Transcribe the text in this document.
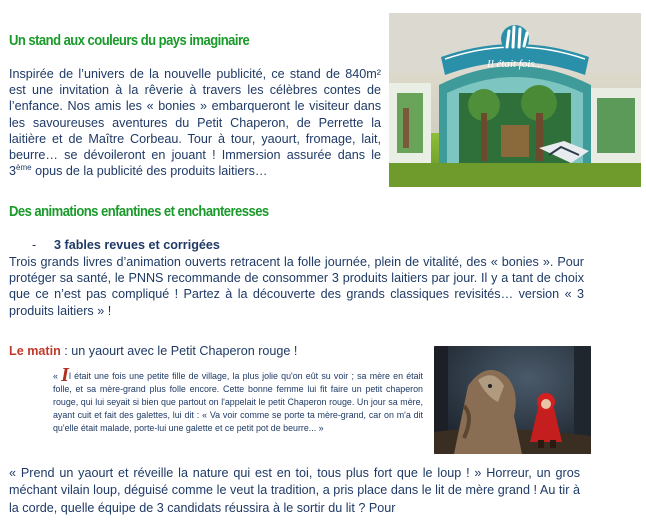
Un stand aux couleurs du pays imaginaire
Inspirée de l’univers de la nouvelle publicité, ce stand de 840m² est une invitation à la rêverie à travers les célèbres contes de l’enfance. Nos amis les « bonies » embarqueront le visiteur dans les savoureuses aventures du Petit Chaperon, de Perrette la laitière et de Maître Corbeau. Tour à tour, yaourt, fromage, lait, beurre… se dévoileront en jouant ! Immersion assurée dans le 3ème opus de la publicité des produits laitiers…
Il était fois...
Des animations enfantines et enchanteresses
- 3 fables revues et corrigées
Trois grands livres d’animation ouverts retracent la folle journée, plein de vitalité, des « bonies ». Pour protéger sa santé, le PNNS recommande de consommer 3 produits laitiers par jour. Il y a tant de choix que ce n’est pas compliqué ! Partez à la découverte des grands classiques revisités… version « 3 produits laitiers » !
Le matin : un yaourt avec le Petit Chaperon rouge !
« Il était une fois une petite fille de village, la plus jolie qu'on eût su voir ; sa mère en était folle, et sa mère-grand plus folle encore. Cette bonne femme lui fit faire un petit chaperon rouge, qui lui seyait si bien que partout on l'appelait le petit Chaperon rouge. Un jour sa mère, ayant cuit et fait des galettes, lui dit : « Va voir comme se porte ta mère-grand, car on m'a dit qu'elle était malade, porte-lui une galette et ce petit pot de beurre... »
« Prend un yaourt et réveille la nature qui est en toi, tous plus fort que le loup ! » Horreur, un gros méchant vilain loup, déguisé comme le veut la tradition, a pris place dans le lit de mère grand ! Au tir à la corde, quelle équipe de 3 candidats réussira à le sortir du lit ? Pour
